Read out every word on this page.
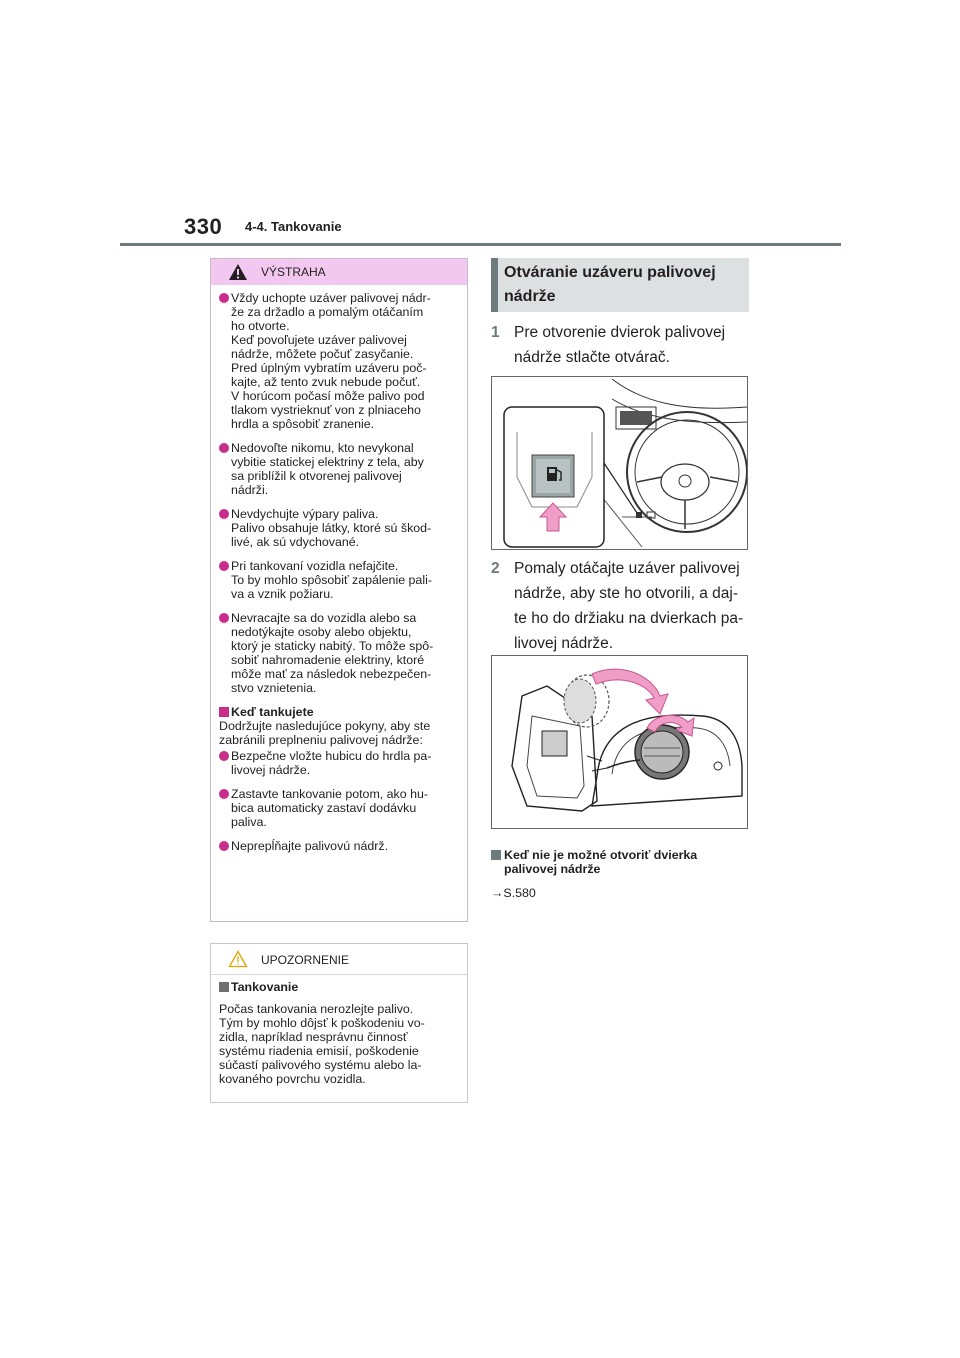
330 4-4. Tankovanie
VÝSTRAHA
Vždy uchopte uzáver palivovej nádr-
že za držadlo a pomalým otáčaním
ho otvorte.
Keď povoľujete uzáver palivovej
nádrže, môžete počuť zasyčanie.
Pred úplným vybratím uzáveru poč-
kajte, až tento zvuk nebude počuť.
V horúcom počasí môže palivo pod
tlakom vystrieknuť von z plniaceho
hrdla a spôsobiť zranenie.
Nedovoľte nikomu, kto nevykonal
vybitie statickej elektriny z tela, aby
sa priblížil k otvorenej palivovej
nádrži.
Nevdychujte výpary paliva.
Palivo obsahuje látky, ktoré sú škod-
livé, ak sú vdychované.
Pri tankovaní vozidla nefajčite.
To by mohlo spôsobiť zapálenie pali-
va a vznik požiaru.
Nevracajte sa do vozidla alebo sa
nedotýkajte osoby alebo objektu,
ktorý je staticky nabitý. To môže spô-
sobiť nahromadenie elektriny, ktoré
môže mať za následok nebezpečen-
stvo vznietenia.
Keď tankujete
Dodržujte nasledujúce pokyny, aby ste
zabránili preplneniu palivovej nádrže:
Bezpečne vložte hubicu do hrdla pa-
livovej nádrže.
Zastavte tankovanie potom, ako hu-
bica automaticky zastaví dodávku
paliva.
Neprepĺňajte palivovú nádrž.
UPOZORNENIE
Tankovanie
Počas tankovania nerozlejte palivo.
Tým by mohlo dôjsť k poškodeniu vo-
zidla, napríklad nesprávnu činnosť
systému riadenia emisií, poškodenie
súčastí palivového systému alebo la-
kovaného povrchu vozidla.
Otváranie uzáveru palivovej
nádrže
1 Pre otvorenie dvierok palivovej
nádrže stlačte otvárač.
2 Pomaly otáčajte uzáver palivovej
nádrže, aby ste ho otvorili, a daj-
te ho do držiaku na dvierkach pa-
livovej nádrže.
Keď nie je možné otvoriť dvierka
palivovej nádrže
→S.580
